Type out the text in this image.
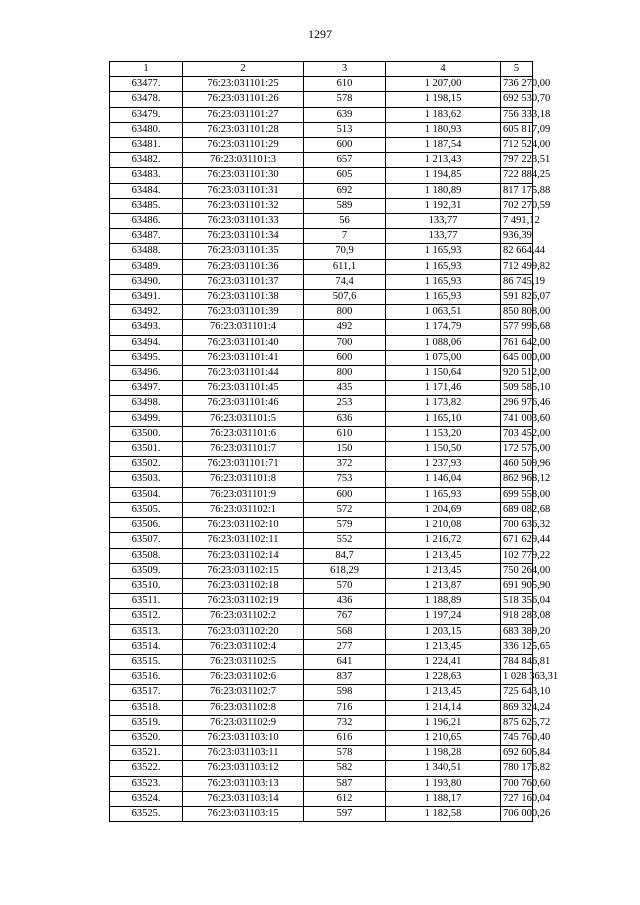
1297
1	2	3	4	5
63477.	76:23:031101:25	610	1 207,00	736 270,00
63478.	76:23:031101:26	578	1 198,15	692 530,70
63479.	76:23:031101:27	639	1 183,62	756 333,18
63480.	76:23:031101:28	513	1 180,93	605 817,09
63481.	76:23:031101:29	600	1 187,54	712 524,00
63482.	76:23:031101:3	657	1 213,43	797 223,51
63483.	76:23:031101:30	605	1 194,85	722 884,25
63484.	76:23:031101:31	692	1 180,89	817 175,88
63485.	76:23:031101:32	589	1 192,31	702 270,59
63486.	76:23:031101:33	56	133,77	7 491,12
63487.	76:23:031101:34	7	133,77	936,39
63488.	76:23:031101:35	70,9	1 165,93	82 664,44
63489.	76:23:031101:36	611,1	1 165,93	712 499,82
63490.	76:23:031101:37	74,4	1 165,93	86 745,19
63491.	76:23:031101:38	507,6	1 165,93	591 826,07
63492.	76:23:031101:39	800	1 063,51	850 808,00
63493.	76:23:031101:4	492	1 174,79	577 996,68
63494.	76:23:031101:40	700	1 088,06	761 642,00
63495.	76:23:031101:41	600	1 075,00	645 000,00
63496.	76:23:031101:44	800	1 150,64	920 512,00
63497.	76:23:031101:45	435	1 171,46	509 585,10
63498.	76:23:031101:46	253	1 173,82	296 976,46
63499.	76:23:031101:5	636	1 165,10	741 003,60
63500.	76:23:031101:6	610	1 153,20	703 452,00
63501.	76:23:031101:7	150	1 150,50	172 575,00
63502.	76:23:031101:71	372	1 237,93	460 509,96
63503.	76:23:031101:8	753	1 146,04	862 968,12
63504.	76:23:031101:9	600	1 165,93	699 558,00
63505.	76:23:031102:1	572	1 204,69	689 082,68
63506.	76:23:031102:10	579	1 210,08	700 636,32
63507.	76:23:031102:11	552	1 216,72	671 629,44
63508.	76:23:031102:14	84,7	1 213,45	102 779,22
63509.	76:23:031102:15	618,29	1 213,45	750 264,00
63510.	76:23:031102:18	570	1 213,87	691 905,90
63511.	76:23:031102:19	436	1 188,89	518 356,04
63512.	76:23:031102:2	767	1 197,24	918 283,08
63513.	76:23:031102:20	568	1 203,15	683 389,20
63514.	76:23:031102:4	277	1 213,45	336 125,65
63515.	76:23:031102:5	641	1 224,41	784 846,81
63516.	76:23:031102:6	837	1 228,63	1 028 363,31
63517.	76:23:031102:7	598	1 213,45	725 643,10
63518.	76:23:031102:8	716	1 214,14	869 324,24
63519.	76:23:031102:9	732	1 196,21	875 625,72
63520.	76:23:031103:10	616	1 210,65	745 760,40
63521.	76:23:031103:11	578	1 198,28	692 605,84
63522.	76:23:031103:12	582	1 340,51	780 176,82
63523.	76:23:031103:13	587	1 193,80	700 760,60
63524.	76:23:031103:14	612	1 188,17	727 160,04
63525.	76:23:031103:15	597	1 182,58	706 000,26
